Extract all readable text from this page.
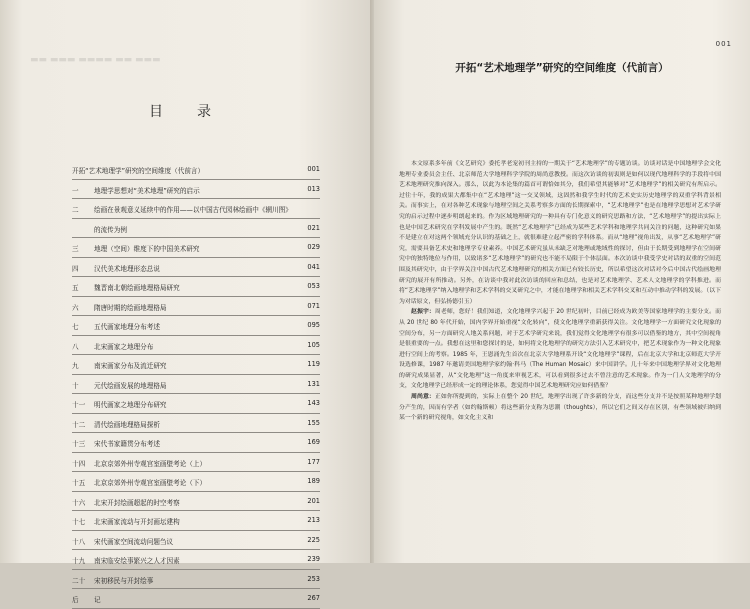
▬▬ ▬▬▬ ▬▬▬▬ ▬▬ ▬▬▬
目　录
开拓“艺术地理学”研究的空间维度（代前言）	001
一	地理学思想对“美术地理”研究的启示	013
二	绘画在景观意义延续中的作用——以中国古代园林绘画中《辋川图》
的流传为例	021
三	地理（空间）维度下的中国美术研究	029
四	汉代美术地理形态总说	041
五	魏晋南北朝绘画地理格局研究	053
六	隋唐时期的绘画地理格局	071
七	五代画家地理分布考述	095
八	北宋画家之地理分布	105
九	南宋画家分布及流迁研究	119
十	元代绘画发展的地理格局	131
十一	明代画家之地理分布研究	143
十二	清代绘画地理格局探析	155
十三	宋代书家籍贯分布考述	169
十四	北京京郊外州寺观宫室画壁考论（上）	177
十五	北京京郊外州寺观宫室画壁考论（下）	189
十六	北宋开封绘画超起的时空考察	201
十七	北宋画家流动与开封画坛建构	213
十八	宋代画家空间流动问题刍议	225
十九	南宋临安绘事繁兴之人才因素	239
二十	宋初移民与开封绘事	253
后	记	267
001
开拓“艺术地理学”研究的空间维度（代前言）

本文原系多年前《文艺研究》委托孝老宠初刊主持的一期关于“艺术地理学”的专题访谈。访谈对话是中国地理学会文化地理专业委员会主任、北京师范大学地理科学学院的周尚意教授。而这次访谈的初衷则是如何以现代地理科学的手段将中国艺术地理研究推向深入。那么，以此为本论集的篇首可谓恰如其分，我们希望其能够对“艺术地理学”的相关研究有所启示。过往十年，我的成果大都集中在“艺术地理”这一交叉领域，这固然和我学生时代的艺术史实历史地理学的双重学科背景相关。而事实上，在对各种艺术现象与地理空间之关系考察多方面的长期探索中，“艺术地理学”也是在地理学思想对艺术学研究的启示过程中逐步明朗起来的。作为区域地理研究的一种具有专门化意义的研究思路和方法，“艺术地理学”的提出实际上也是中国艺术研究在学科发展中产生的。既然“艺术地理学”已经成为某些艺术学科和地理学共同关注的问题，这种研究如果不是建立在对这两个领域充分认识的基础之上，就很难建立起严密的学科体系。而从“地理”视角出发，从事“艺术地理学”研究，需要具备艺术史和地理学专业素养。中国艺术研究虽从未缺乏对地理或地域性的探讨，但由于长期受到地理学在空间研究中的独特地位与作用，以致诸多“艺术地理学”的研究也不能不局限于个体层面。本次访谈中我受学史对话的双重的空间范围及其研究中，由于学界关注中国古代艺术地理研究的相关方面已有较长历史，所以希望这次对话对今后中国古代绘画地理研究的展开有所推动。另外，在访谈中我对此次访谈的回应和总结，也是对艺术地理学、艺术人文地理学的学科推进。而将“艺术地理学”纳入地理学和艺术学科的交叉研究之中，才能在地理学和相关艺术学科交叉和互动中推动学科的发展。（以下为对话原文，但弘扬德引玉）

赵振宇：周老师，您好！我们知道，文化地理学兴起于 20 世纪初叶，目前已经成为欧美等国家地理学的主要分支。而从 20 世纪 80 年代开始，国内学界开始重视“文化转向”，使文化地理学重新获得关注。文化地理学一方面研究文化现象的空间分布，另一方面研究人地关系问题，对于艺术学研究来说，我们觉得文化地理学有很多可以借鉴的地方，其中空间视角是很重要的一点。我想在这里和您探讨的是，如何将文化地理学的研究方法引入艺术研究中，把艺术现象作为一种文化现象进行空间上的考察。1985 年，王恩涌先生首次在北京大学地理系开设“文化地理学”课程，后在北京大学和北京师范大学开设选修课，1987 年邀请美国地理学家约翰·科马（The Human Mosaic）来中国讲学。几十年来中国地理学界对文化地理的研究成果显著，从“文化地理”这一角度来审视艺术，可以看到很多过去不曾注意的艺术现象。作为一门人文地理学的分支，文化地理学已经形成一定的理论体系，您觉得中国艺术地理研究应如何借鉴？

周尚意：正如你所提到的，实际上在整个 20 世纪，地理学出现了许多新的分支，而这些分支并不是按照某种地理学划分产生的，因而有学者（如约翰斯顿）将这些新分支称为思潮（thoughts），所以它们之间又存在区别，有些领域被归纳到某一个新的研究视角，如文化主义和
